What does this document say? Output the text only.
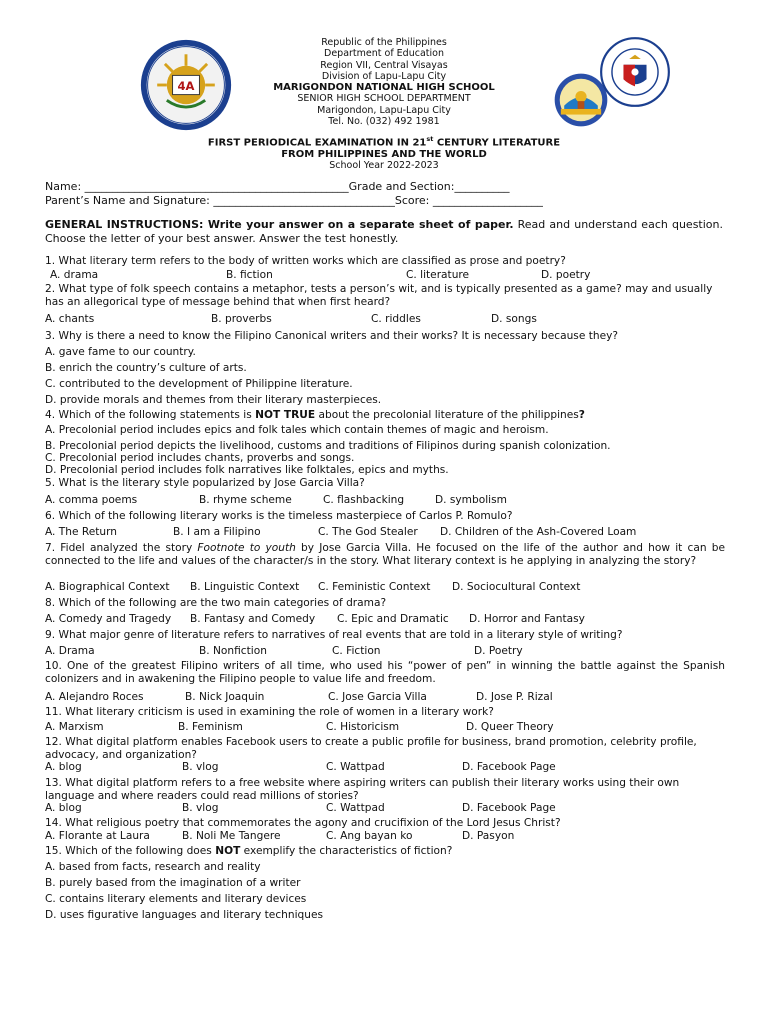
4A
Republic of the Philippines
Department of Education
Region VII, Central Visayas
Division of Lapu-Lapu City
MARIGONDON NATIONAL HIGH SCHOOL
SENIOR HIGH SCHOOL DEPARTMENT
Marigondon, Lapu-Lapu City
Tel. No. (032) 492 1981
FIRST PERIODICAL EXAMINATION IN 21st CENTURY LITERATURE
FROM PHILIPPINES AND THE WORLD
School Year 2022-2023
Name: ________________________________________________Grade and Section:__________
Parent’s Name and Signature: _________________________________Score: ____________________
GENERAL INSTRUCTIONS: Write your answer on a separate sheet of paper. Read and understand each question. Choose the letter of your best answer. Answer the test honestly.
1. What literary term refers to the body of written works which are classified as prose and poetry?
A. drama	B. fiction	C. literature	D. poetry
2. What type of folk speech contains a metaphor, tests a person’s wit, and is typically presented as a game? may and usually has an allegorical type of message behind that when first heard?
A. chants	B. proverbs	C. riddles	D. songs
3. Why is there a need to know the Filipino Canonical writers and their works? It is necessary because they?
A. gave fame to our country.
B. enrich the country’s culture of arts.
C. contributed to the development of Philippine literature.
D. provide morals and themes from their literary masterpieces.
4. Which of the following statements is NOT TRUE about the precolonial literature of the philippines?
A. Precolonial period includes epics and folk tales which contain themes of magic and heroism.
B. Precolonial period depicts the livelihood, customs and traditions of Filipinos during spanish colonization.
C. Precolonial period includes chants, proverbs and songs.
D. Precolonial period includes folk narratives like folktales, epics and myths.
5. What is the literary style popularized by Jose Garcia Villa?
A. comma poems	B. rhyme scheme	C. flashbacking	D. symbolism
6. Which of the following literary works is the timeless masterpiece of Carlos P. Romulo?
A. The Return	B. I am a Filipino	C. The God Stealer D. Children of the Ash-Covered Loam
7. Fidel analyzed the story Footnote to youth by Jose Garcia Villa. He focused on the life of the author and how it can be connected to the life and values of the character/s in the story. What literary context is he applying in analyzing the story?
A. Biographical Context B. Linguistic Context C. Feministic Context D. Sociocultural Context
8. Which of the following are the two main categories of drama?
A. Comedy and Tragedy B. Fantasy and Comedy C. Epic and Dramatic D. Horror and Fantasy
9. What major genre of literature refers to narratives of real events that are told in a literary style of writing?
A. Drama	B. Nonfiction	C. Fiction	D. Poetry
10. One of the greatest Filipino writers of all time, who used his “power of pen” in winning the battle against the Spanish colonizers and in awakening the Filipino people to value life and freedom.
A. Alejandro Roces	B. Nick Joaquin	C. Jose Garcia Villa	D. Jose P. Rizal
11. What literary criticism is used in examining the role of women in a literary work?
A. Marxism	B. Feminism	C. Historicism	D. Queer Theory
12. What digital platform enables Facebook users to create a public profile for business, brand promotion, celebrity profile, advocacy, and organization?
A. blog	B. vlog	C. Wattpad	D. Facebook Page
13. What digital platform refers to a free website where aspiring writers can publish their literary works using their own language and where readers could read millions of stories?
A. blog	B. vlog	C. Wattpad	D. Facebook Page
14. What religious poetry that commemorates the agony and crucifixion of the Lord Jesus Christ?
A. Florante at Laura	B. Noli Me Tangere	C. Ang bayan ko	D. Pasyon
15. Which of the following does NOT exemplify the characteristics of fiction?
A. based from facts, research and reality
B. purely based from the imagination of a writer
C. contains literary elements and literary devices
D. uses figurative languages and literary techniques
